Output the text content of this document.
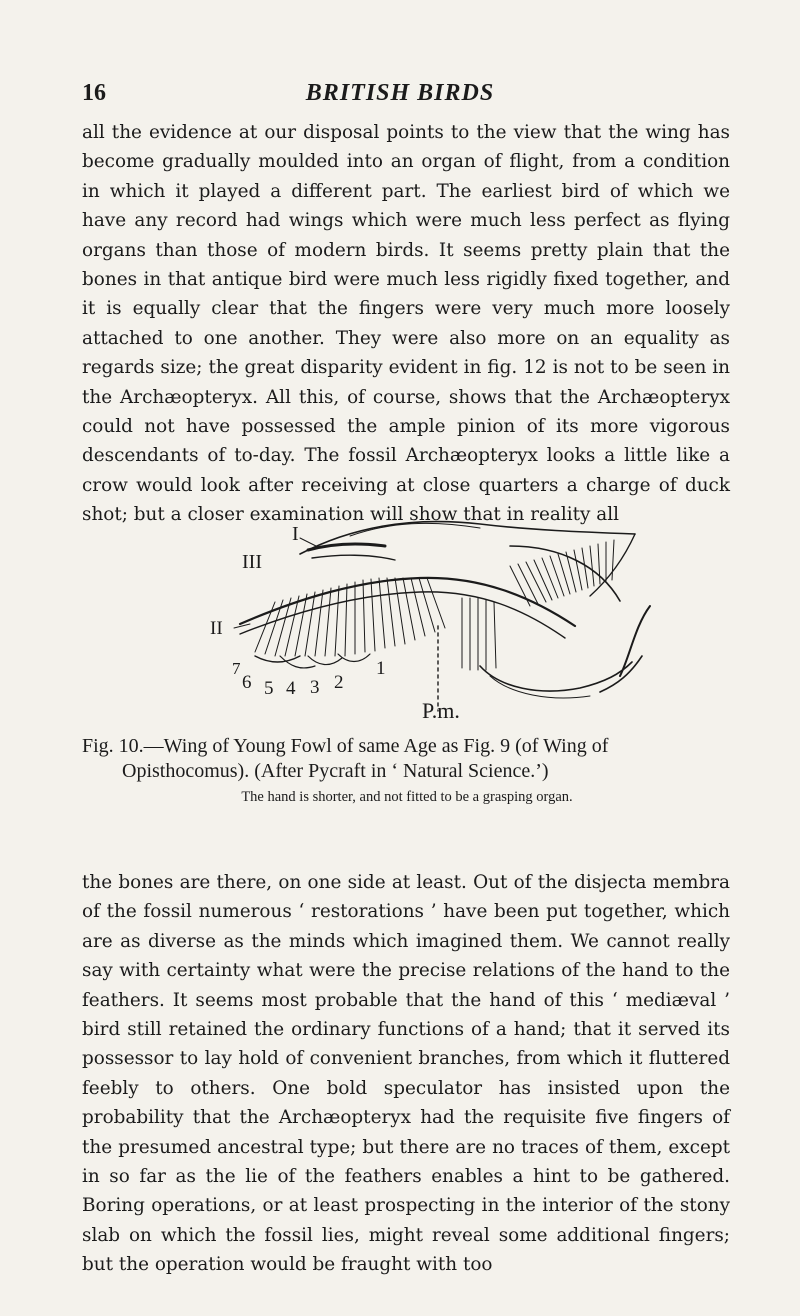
16	BRITISH BIRDS

all the evidence at our disposal points to the view that the wing has become gradually moulded into an organ of flight, from a condition in which it played a different part. The earliest bird of which we have any record had wings which were much less perfect as flying organs than those of modern birds. It seems pretty plain that the bones in that antique bird were much less rigidly fixed together, and it is equally clear that the fingers were very much more loosely attached to one another. They were also more on an equality as regards size; the great disparity evident in fig. 12 is not to be seen in the Archæopteryx. All this, of course, shows that the Archæopteryx could not have possessed the ample pinion of its more vigorous descendants of to-day. The fossil Archæopteryx looks a little like a crow would look after receiving at close quarters a charge of duck shot; but a closer examination will show that in reality all

I
III
II
7
6 5 4 3 2
1
P.m.

Fig. 10.—Wing of Young Fowl of same Age as Fig. 9 (of Wing of

Opisthocomus). (After Pycraft in ‘ Natural Science.’)

The hand is shorter, and not fitted to be a grasping organ.

the bones are there, on one side at least. Out of the disjecta membra of the fossil numerous ‘ restorations ’ have been put together, which are as diverse as the minds which imagined them. We cannot really say with certainty what were the precise relations of the hand to the feathers. It seems most probable that the hand of this ‘ mediæval ’ bird still retained the ordinary functions of a hand; that it served its possessor to lay hold of convenient branches, from which it fluttered feebly to others. One bold speculator has insisted upon the probability that the Archæopteryx had the requisite five fingers of the presumed ancestral type; but there are no traces of them, except in so far as the lie of the feathers enables a hint to be gathered. Boring operations, or at least prospecting in the interior of the stony slab on which the fossil lies, might reveal some additional fingers; but the operation would be fraught with too
